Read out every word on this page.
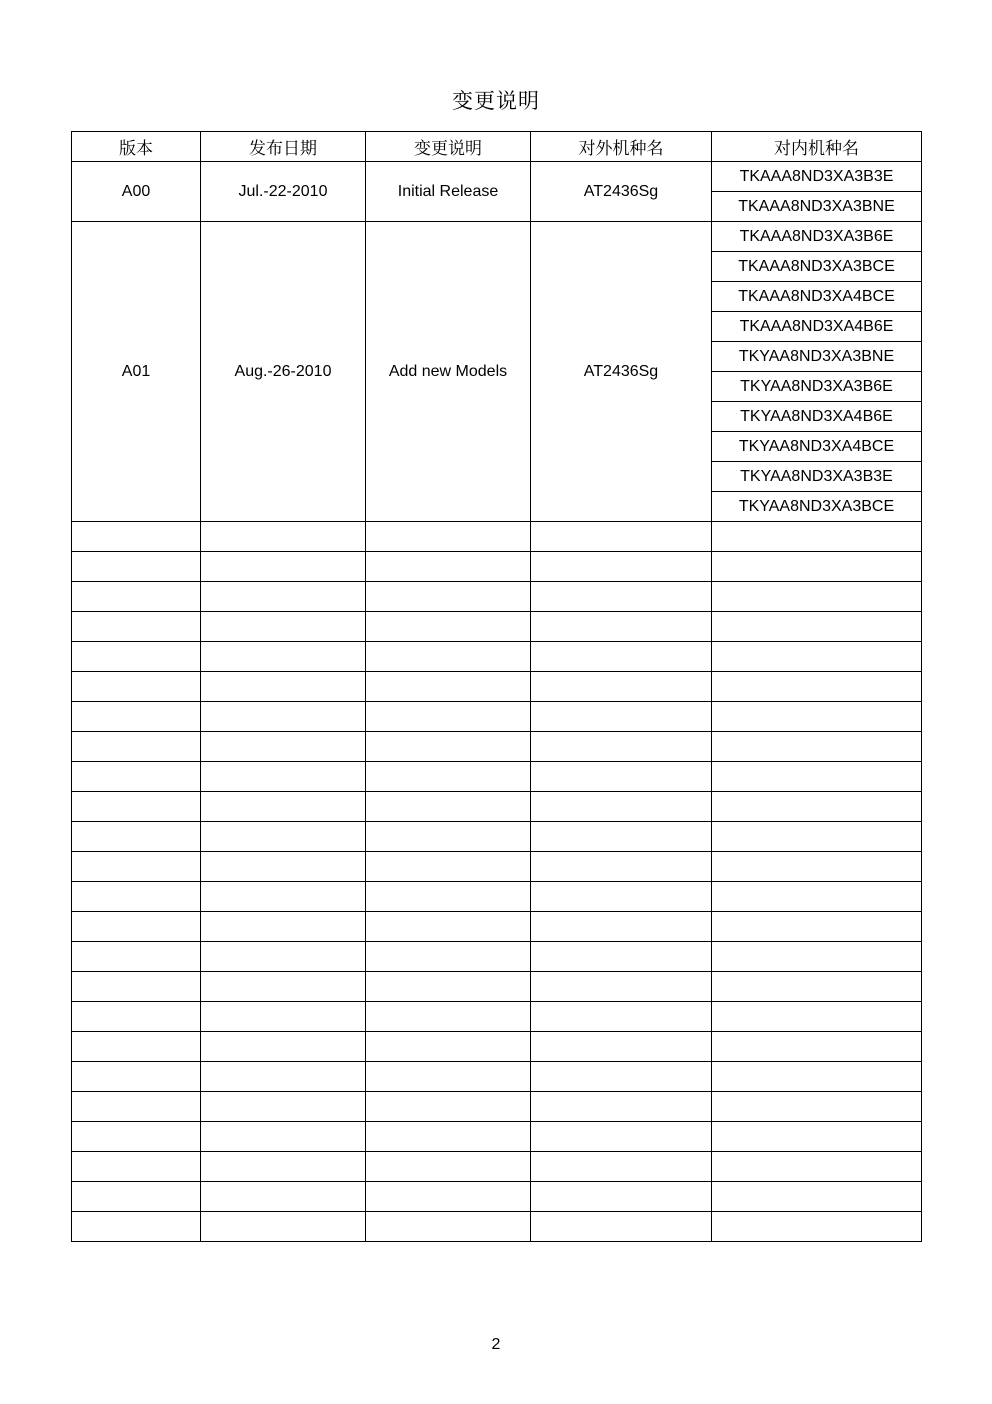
变更说明
版本	发布日期	变更说明	对外机种名	对内机种名
A00	Jul.-22-2010	Initial Release	AT2436Sg	TKAAA8ND3XA3B3E
				TKAAA8ND3XA3BNE
A01	Aug.-26-2010	Add new Models	AT2436Sg	TKAAA8ND3XA3B6E
				TKAAA8ND3XA3BCE
				TKAAA8ND3XA4BCE
				TKAAA8ND3XA4B6E
				TKYAA8ND3XA3BNE
				TKYAA8ND3XA3B6E
				TKYAA8ND3XA4B6E
				TKYAA8ND3XA4BCE
				TKYAA8ND3XA3B3E
				TKYAA8ND3XA3BCE

2
